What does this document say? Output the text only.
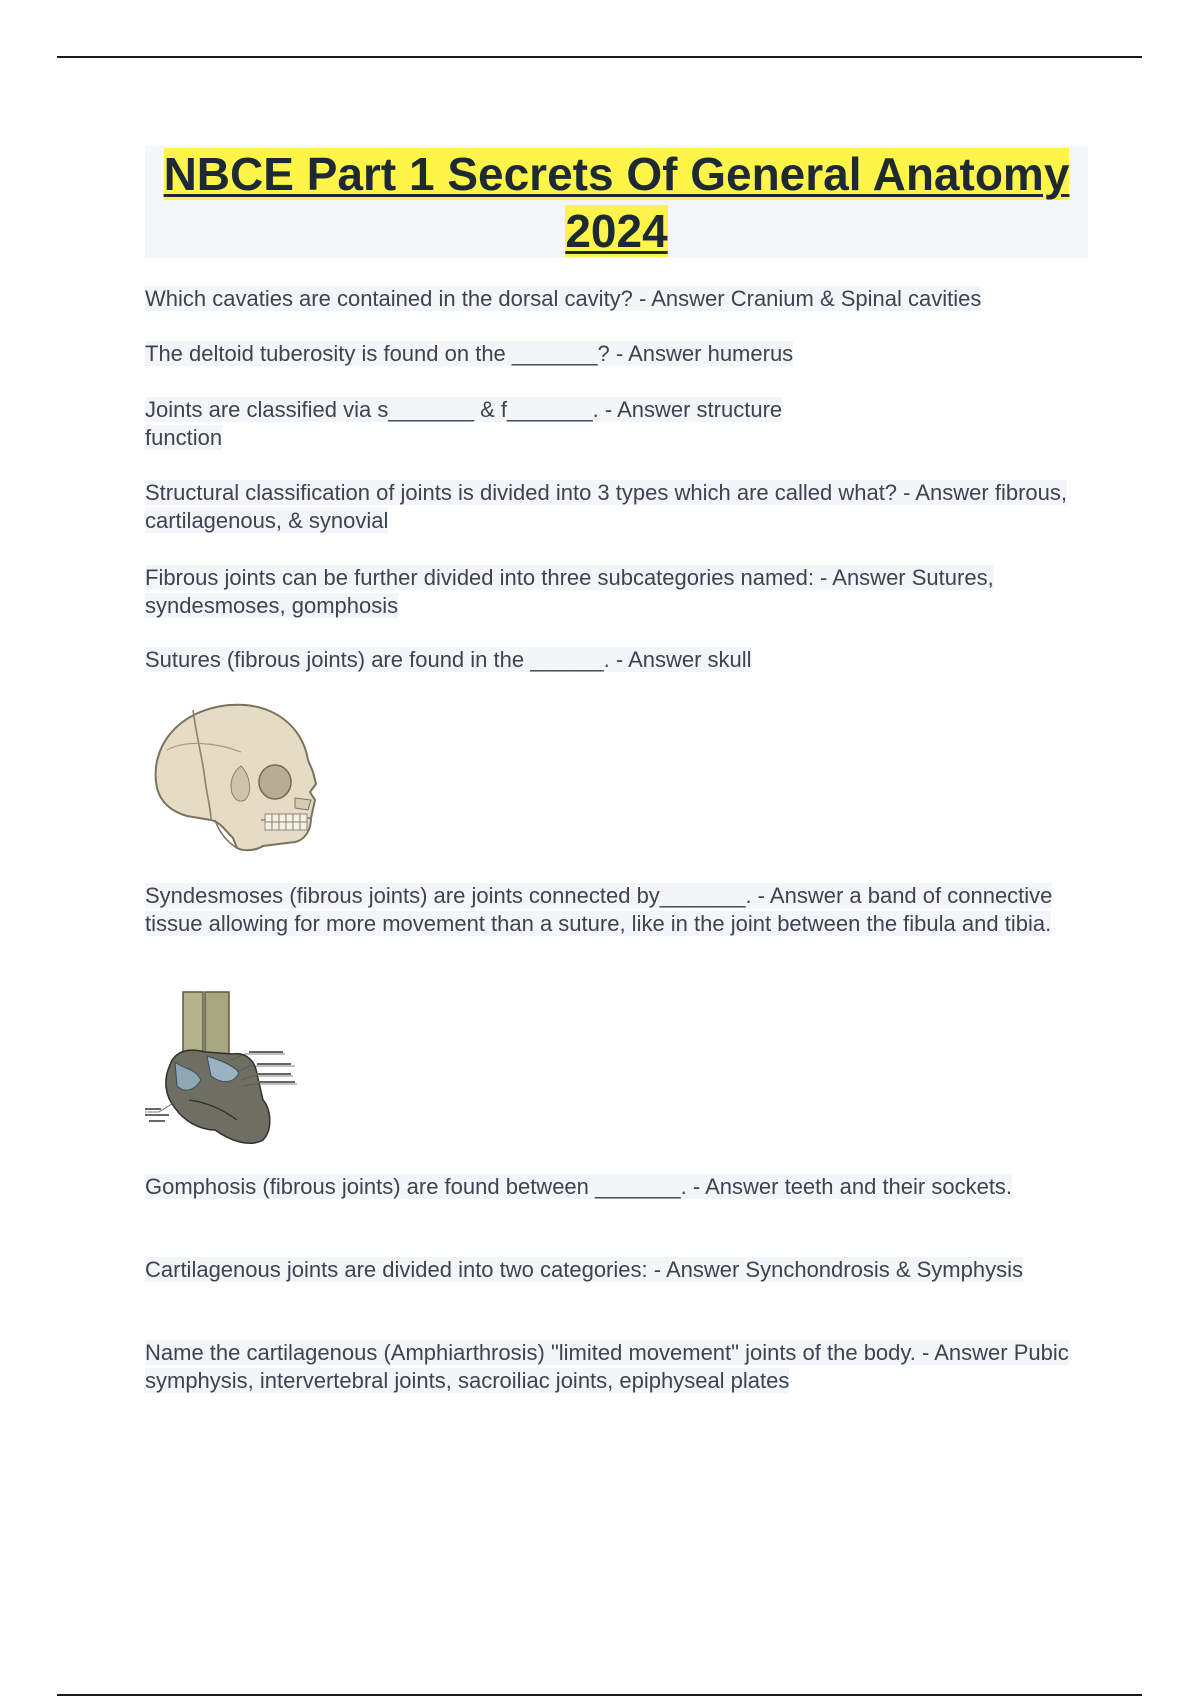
NBCE Part 1 Secrets Of General Anatomy 2024

Which cavaties are contained in the dorsal cavity? - Answer Cranium & Spinal cavities

The deltoid tuberosity is found on the _______? - Answer humerus

Joints are classified via s_______ & f_______. - Answer structure
function

Structural classification of joints is divided into 3 types which are called what? - Answer fibrous, cartilagenous, & synovial

Fibrous joints can be further divided into three subcategories named: - Answer Sutures, syndesmoses, gomphosis

Sutures (fibrous joints) are found in the ______. - Answer skull

Syndesmoses (fibrous joints) are joints connected by_______. - Answer a band of connective tissue allowing for more movement than a suture, like in the joint between the fibula and tibia.

Gomphosis (fibrous joints) are found between _______. - Answer teeth and their sockets.

Cartilagenous joints are divided into two categories: - Answer Synchondrosis & Symphysis

Name the cartilagenous (Amphiarthrosis) "limited movement" joints of the body. - Answer Pubic symphysis, intervertebral joints, sacroiliac joints, epiphyseal plates
